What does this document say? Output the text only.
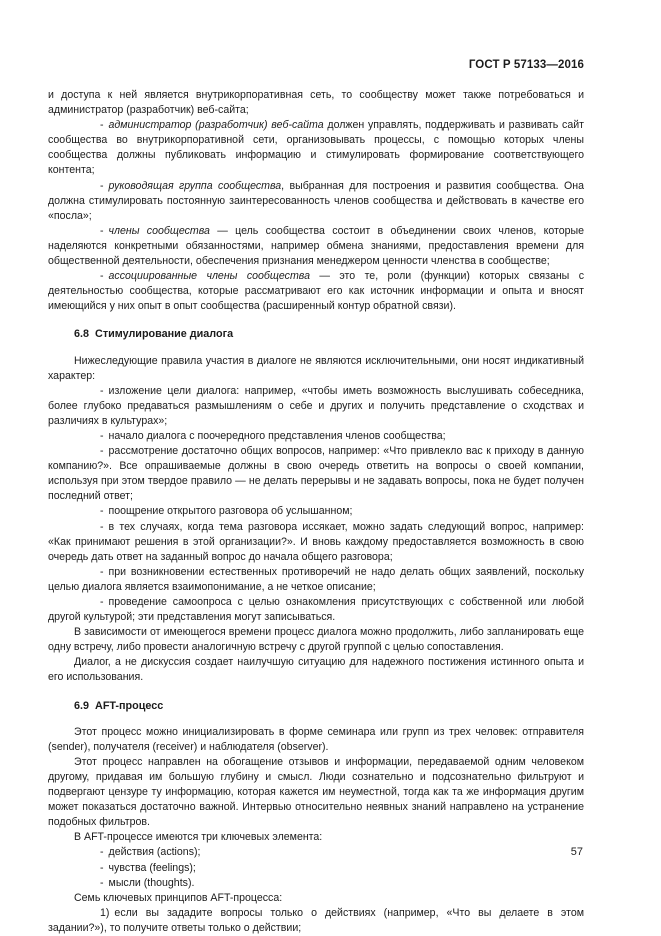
ГОСТ Р 57133—2016

и доступа к ней является внутрикорпоративная сеть, то сообществу может также потребоваться и администратор (разработчик) веб-сайта;

- администратор (разработчик) веб-сайта должен управлять, поддерживать и развивать сайт сообщества во внутрикорпоративной сети, организовывать процессы, с помощью которых члены сообщества должны публиковать информацию и стимулировать формирование соответствующего контента;

- руководящая группа сообщества, выбранная для построения и развития сообщества. Она должна стимулировать постоянную заинтересованность членов сообщества и действовать в качестве его «посла»;

- члены сообщества — цель сообщества состоит в объединении своих членов, которые наделяются конкретными обязанностями, например обмена знаниями, предоставления времени для общественной деятельности, обеспечения признания менеджером ценности членства в сообществе;

- ассоциированные члены сообщества — это те, роли (функции) которых связаны с деятельностью сообщества, которые рассматривают его как источник информации и опыта и вносят имеющийся у них опыт в опыт сообщества (расширенный контур обратной связи).

6.8 Стимулирование диалога

Нижеследующие правила участия в диалоге не являются исключительными, они носят индикативный характер:

- изложение цели диалога: например, «чтобы иметь возможность выслушивать собеседника, более глубоко предаваться размышлениям о себе и других и получить представление о сходствах и различиях в культурах»;

- начало диалога с поочередного представления членов сообщества;

- рассмотрение достаточно общих вопросов, например: «Что привлекло вас к приходу в данную компанию?». Все опрашиваемые должны в свою очередь ответить на вопросы о своей компании, используя при этом твердое правило — не делать перерывы и не задавать вопросы, пока не будет получен последний ответ;

- поощрение открытого разговора об услышанном;

- в тех случаях, когда тема разговора иссякает, можно задать следующий вопрос, например: «Как принимают решения в этой организации?». И вновь каждому предоставляется возможность в свою очередь дать ответ на заданный вопрос до начала общего разговора;

- при возникновении естественных противоречий не надо делать общих заявлений, поскольку целью диалога является взаимопонимание, а не четкое описание;

- проведение самоопроса с целью ознакомления присутствующих с собственной или любой другой культурой; эти представления могут записываться.

В зависимости от имеющегося времени процесс диалога можно продолжить, либо запланировать еще одну встречу, либо провести аналогичную встречу с другой группой с целью сопоставления.

Диалог, а не дискуссия создает наилучшую ситуацию для надежного постижения истинного опыта и его использования.

6.9 AFT-процесс

Этот процесс можно инициализировать в форме семинара или групп из трех человек: отправителя (sender), получателя (receiver) и наблюдателя (observer).

Этот процесс направлен на обогащение отзывов и информации, передаваемой одним человеком другому, придавая им большую глубину и смысл. Люди сознательно и подсознательно фильтруют и подвергают цензуре ту информацию, которая кажется им неуместной, тогда как та же информация другим может показаться достаточно важной. Интервью относительно неявных знаний направлено на устранение подобных фильтров.

В AFT-процессе имеются три ключевых элемента:

- действия (actions);

- чувства (feelings);

- мысли (thoughts).

Семь ключевых принципов AFT-процесса:

1) если вы зададите вопросы только о действиях (например, «Что вы делаете в этом задании?»), то получите ответы только о действии;

57
